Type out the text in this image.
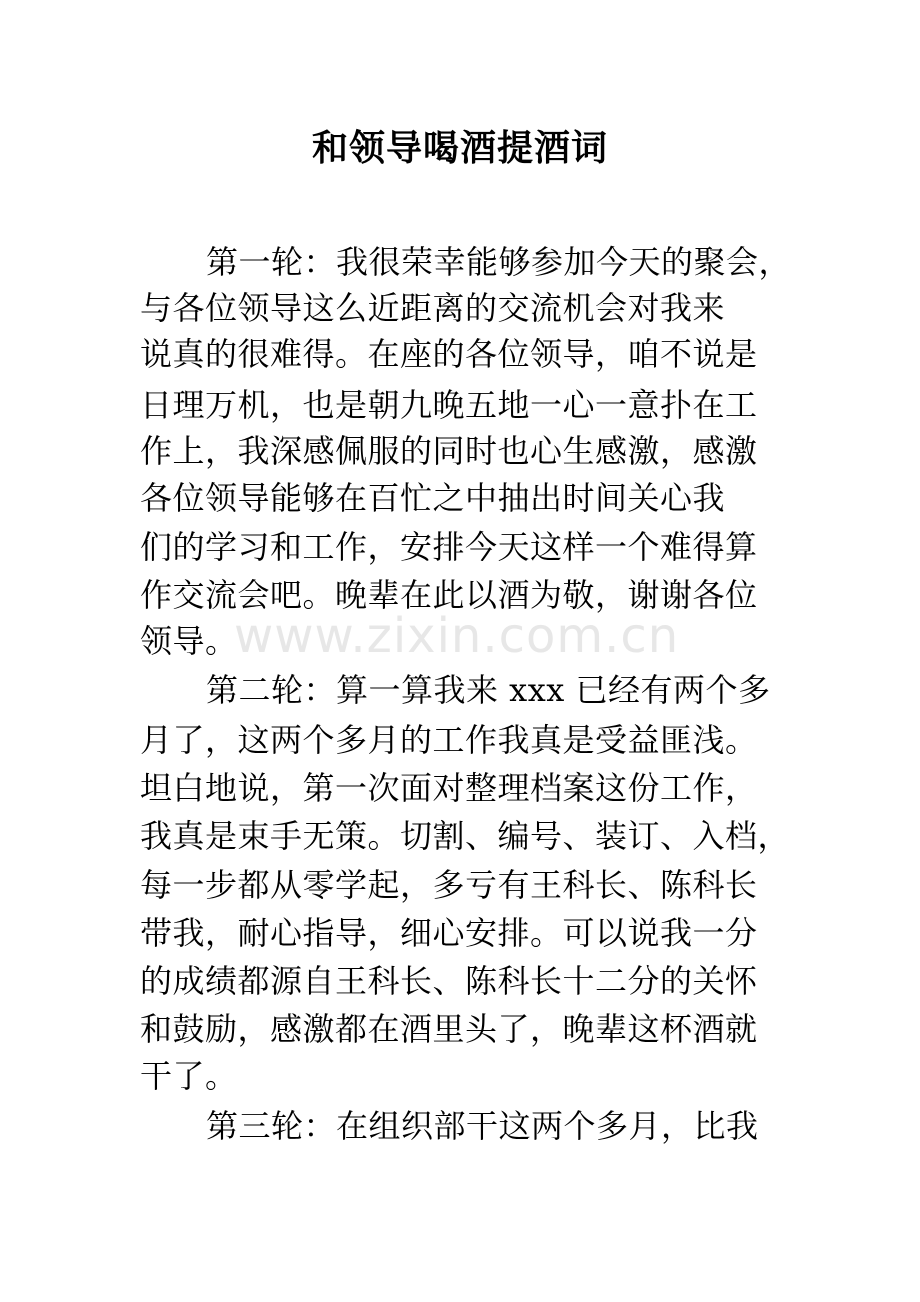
和领导喝酒提酒词
第一轮：我很荣幸能够参加今天的聚会，
与各位领导这么近距离的交流机会对我来
说真的很难得。在座的各位领导，咱不说是
日理万机，也是朝九晚五地一心一意扑在工
作上，我深感佩服的同时也心生感激，感激
各位领导能够在百忙之中抽出时间关心我
们的学习和工作，安排今天这样一个难得算
作交流会吧。晚辈在此以酒为敬，谢谢各位
领导。
第二轮：算一算我来 xxx 已经有两个多
月了，这两个多月的工作我真是受益匪浅。
坦白地说，第一次面对整理档案这份工作，
我真是束手无策。切割、编号、装订、入档，
每一步都从零学起，多亏有王科长、陈科长
带我，耐心指导，细心安排。可以说我一分
的成绩都源自王科长、陈科长十二分的关怀
和鼓励，感激都在酒里头了，晚辈这杯酒就
干了。
第三轮：在组织部干这两个多月，比我
www.zixin.com.cn
